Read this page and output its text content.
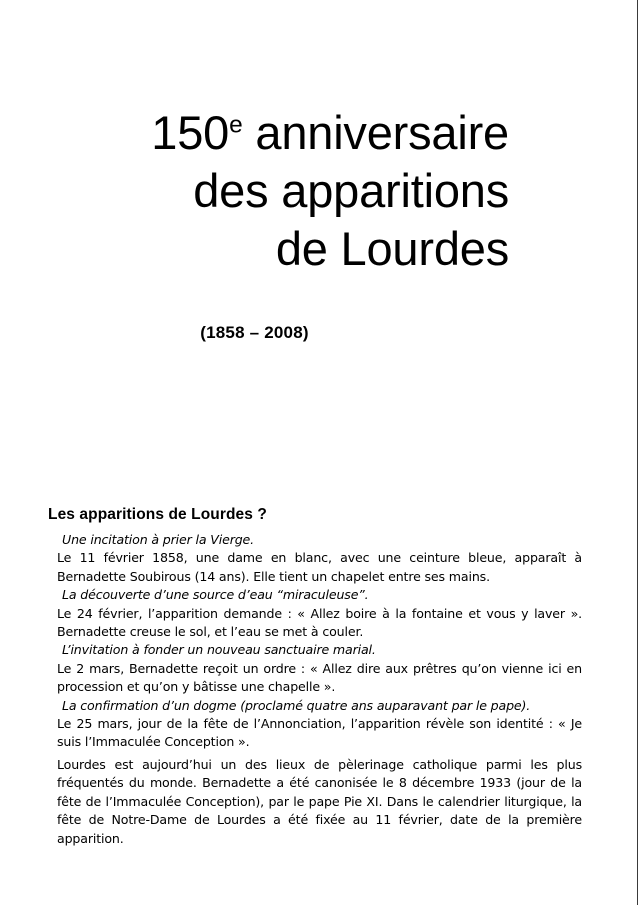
150e anniversaire
des apparitions
de Lourdes
(1858 – 2008)
Les apparitions de Lourdes ?

Une incitation à prier la Vierge.

Le 11 février 1858, une dame en blanc, avec une ceinture bleue, apparaît à Bernadette Soubirous (14 ans). Elle tient un chapelet entre ses mains.

La découverte d’une source d’eau “miraculeuse”.

Le 24 février, l’apparition demande : « Allez boire à la fontaine et vous y laver ». Bernadette creuse le sol, et l’eau se met à couler.

L’invitation à fonder un nouveau sanctuaire marial.

Le 2 mars, Bernadette reçoit un ordre : « Allez dire aux prêtres qu’on vienne ici en procession et qu’on y bâtisse une chapelle ».

La confirmation d’un dogme (proclamé quatre ans auparavant par le pape).

Le 25 mars, jour de la fête de l’Annonciation, l’apparition révèle son identité : « Je suis l’Immaculée Conception ».

Lourdes est aujourd’hui un des lieux de pèlerinage catholique parmi les plus fréquentés du monde. Bernadette a été canonisée le 8 décembre 1933 (jour de la fête de l’Immaculée Conception), par le pape Pie XI. Dans le calendrier liturgique, la fête de Notre-Dame de Lourdes a été fixée au 11 février, date de la première apparition.
